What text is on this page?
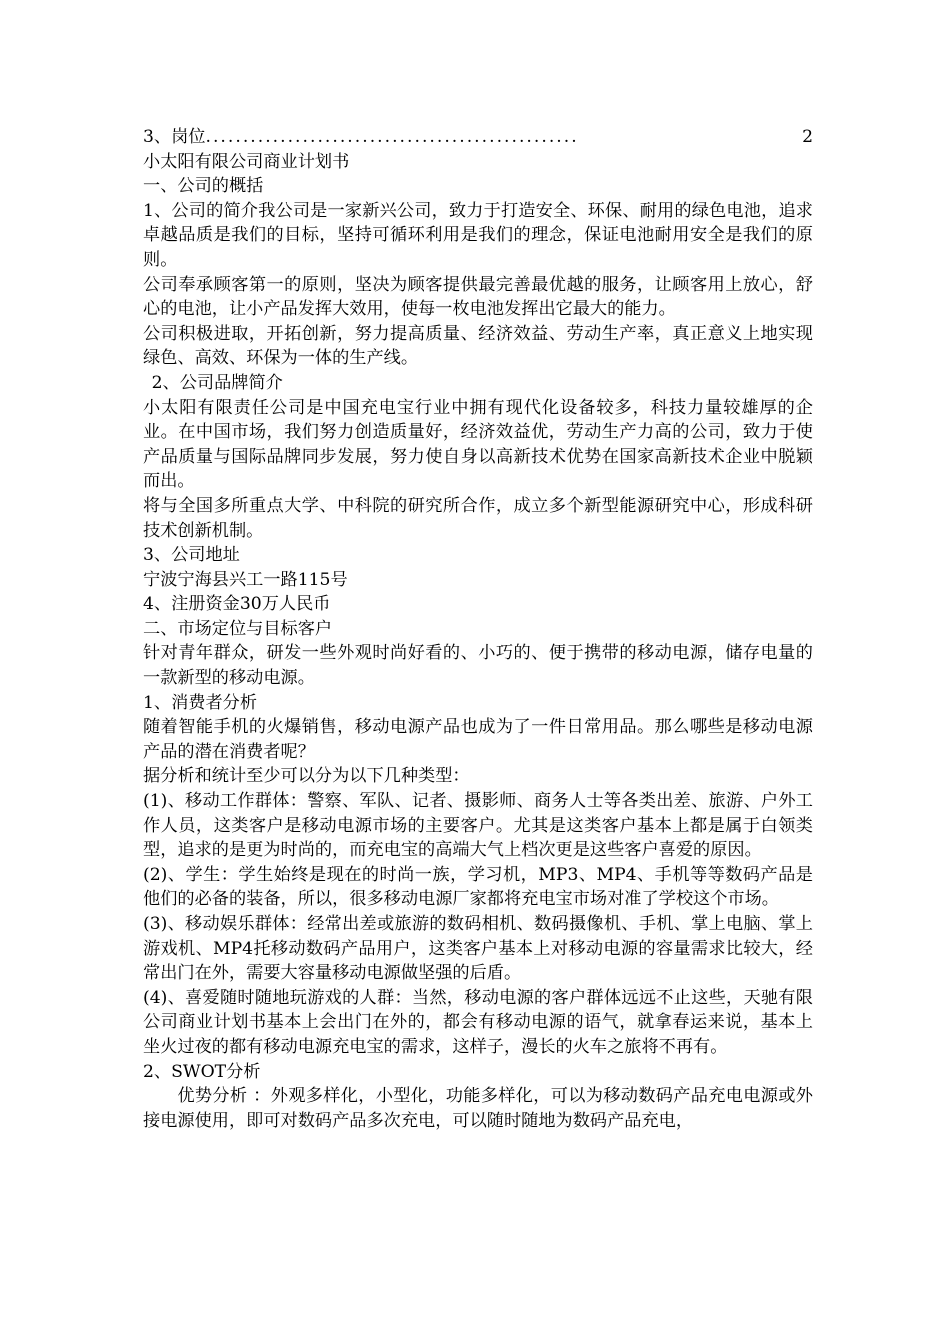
3、岗位 ..................................................	2

小太阳有限公司商业计划书

一、公司的概括

1、公司的简介我公司是一家新兴公司，致力于打造安全、环保、耐用的绿色电池，追求卓越品质是我们的目标，坚持可循环利用是我们的理念，保证电池耐用安全是我们的原则。

公司奉承顾客第一的原则，坚决为顾客提供最完善最优越的服务，让顾客用上放心，舒心的电池，让小产品发挥大效用，使每一枚电池发挥出它最大的能力。

公司积极进取，开拓创新，努力提高质量、经济效益、劳动生产率，真正意义上地实现绿色、高效、环保为一体的生产线。

2、公司品牌简介

小太阳有限责任公司是中国充电宝行业中拥有现代化设备较多，科技力量较雄厚的企业。在中国市场，我们努力创造质量好，经济效益优，劳动生产力高的公司，致力于使产品质量与国际品牌同步发展，努力使自身以高新技术优势在国家高新技术企业中脱颖而出。

将与全国多所重点大学、中科院的研究所合作，成立多个新型能源研究中心，形成科研技术创新机制。

3、公司地址

宁波宁海县兴工一路115号

4、注册资金30万人民币

二、市场定位与目标客户

针对青年群众，研发一些外观时尚好看的、小巧的、便于携带的移动电源，储存电量的一款新型的移动电源。

1、消费者分析

随着智能手机的火爆销售，移动电源产品也成为了一件日常用品。那么哪些是移动电源产品的潜在消费者呢？

据分析和统计至少可以分为以下几种类型：

(1)、移动工作群体：警察、军队、记者、摄影师、商务人士等各类出差、旅游、户外工作人员，这类客户是移动电源市场的主要客户。尤其是这类客户基本上都是属于白领类型，追求的是更为时尚的，而充电宝的高端大气上档次更是这些客户喜爱的原因。

(2)、学生：学生始终是现在的时尚一族，学习机，MP3、MP4、手机等等数码产品是他们的必备的装备，所以，很多移动电源厂家都将充电宝市场对准了学校这个市场。

(3)、移动娱乐群体：经常出差或旅游的数码相机、数码摄像机、手机、掌上电脑、掌上游戏机、MP4托移动数码产品用户，这类客户基本上对移动电源的容量需求比较大，经常出门在外，需要大容量移动电源做坚强的后盾。

(4)、喜爱随时随地玩游戏的人群：当然，移动电源的客户群体远远不止这些，天驰有限公司商业计划书基本上会出门在外的，都会有移动电源的语气，就拿春运来说，基本上坐火过夜的都有移动电源充电宝的需求，这样子，漫长的火车之旅将不再有。

2、SWOT分析

优势分析 ：外观多样化，小型化，功能多样化，可以为移动数码产品充电电源或外接电源使用，即可对数码产品多次充电，可以随时随地为数码产品充电，
